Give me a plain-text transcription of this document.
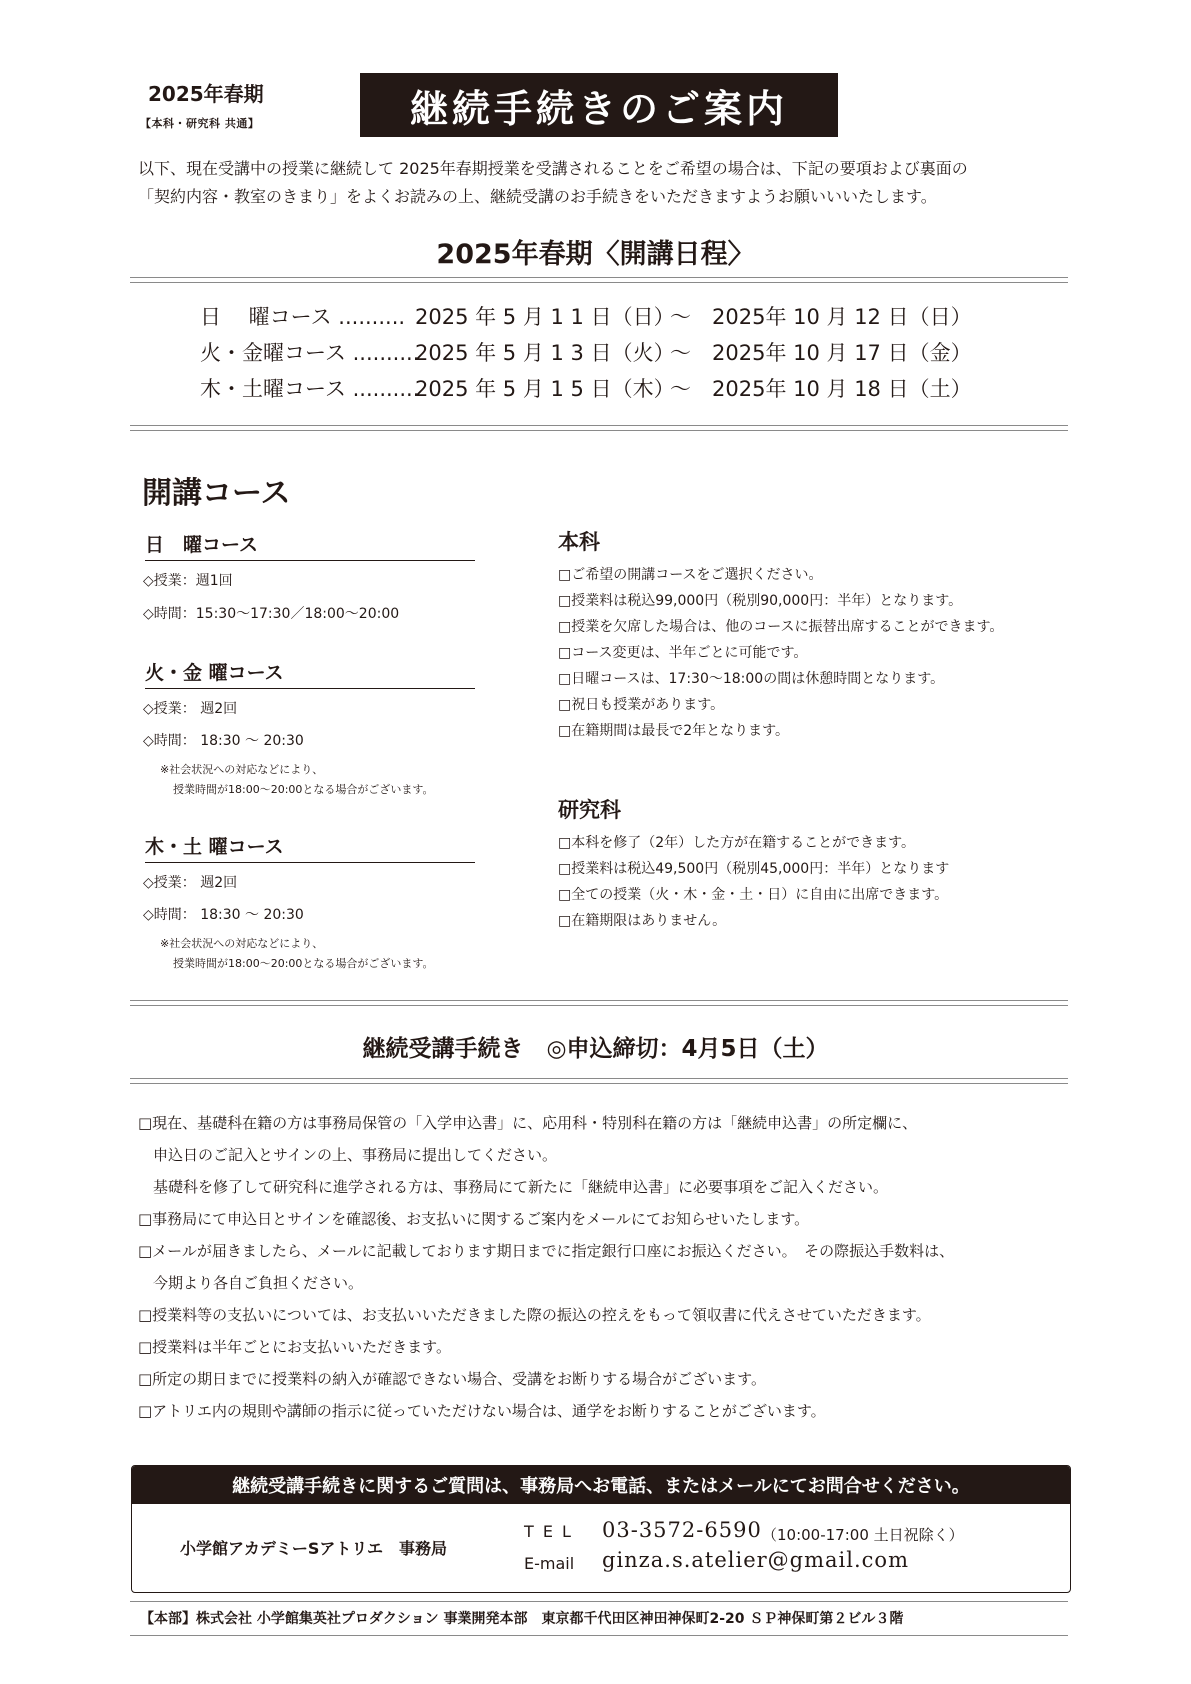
2025年春期
【本科・研究科 共通】	継続手続きのご案内
以下、現在受講中の授業に継続して 2025年春期授業を受講されることをご希望の場合は、下記の要項および裏面の
「契約内容・教室のきまり」をよくお読みの上、継続受講のお手続きをいただきますようお願いいいたします。
2025年春期〈開講日程〉
日　 曜コース .......... 2025 年 5 月 1 1 日（日）
〜 2025年 10 月 12 日（日）
火・金曜コース ..........
2025 年 5 月 1 3 日（火）
〜 2025年 10 月 17 日（金）
木・土曜コース ..........
2025 年 5 月 1 5 日（木）
〜 2025年 10 月 18 日（土）
開講コース
日　曜コース
◇授業：週1回
◇時間：15:30〜17:30／18:00〜20:00
火・金 曜コース
◇授業： 週2回
◇時間： 18:30 〜 20:30
※社会状況への対応などにより、
授業時間が18:00〜20:00となる場合がございます。
木・土 曜コース
◇授業： 週2回
◇時間： 18:30 〜 20:30
※社会状況への対応などにより、
授業時間が18:00〜20:00となる場合がございます。
本科
□ご希望の開講コースをご選択ください。
□授業料は税込99,000円（税別90,000円：半年）となります。
□授業を欠席した場合は、他のコースに振替出席することができます。
□コース変更は、半年ごとに可能です。
□日曜コースは、17:30〜18:00の間は休憩時間となります。
□祝日も授業があります。
□在籍期間は最長で2年となります。
研究科
□本科を修了（2年）した方が在籍することができます。
□授業料は税込49,500円（税別45,000円：半年）となります
□全ての授業（火・木・金・土・日）に自由に出席できます。
□在籍期限はありません。
継続受講手続き　◎申込締切：4月5日（土）
□現在、基礎科在籍の方は事務局保管の「入学申込書」に、応用科・特別科在籍の方は「継続申込書」の所定欄に、
　申込日のご記入とサインの上、事務局に提出してください。
　基礎科を修了して研究科に進学される方は、事務局にて新たに「継続申込書」に必要事項をご記入ください。
□事務局にて申込日とサインを確認後、お支払いに関するご案内をメールにてお知らせいたします。
□メールが届きましたら、メールに記載しております期日までに指定銀行口座にお振込ください。　その際振込手数料は、
　今期より各自ご負担ください。
□授業料等の支払いについては、お支払いいただきました際の振込の控えをもって領収書に代えさせていただきます。
□授業料は半年ごとにお支払いいただきます。
□所定の期日までに授業料の納入が確認できない場合、受講をお断りする場合がございます。
□アトリエ内の規則や講師の指示に従っていただけない場合は、通学をお断りすることがございます。
継続受講手続きに関するご質問は、事務局へお電話、またはメールにてお問合せください。
小学館アカデミーSアトリエ　事務局
T E L 03-3572-6590 （10:00-17:00 土日祝除く）
E-mail ginza.s.atelier@gmail.com
【本部】株式会社 小学館集英社プロダクション 事業開発本部　東京都千代田区神田神保町2-20 ＳＰ神保町第２ビル３階
